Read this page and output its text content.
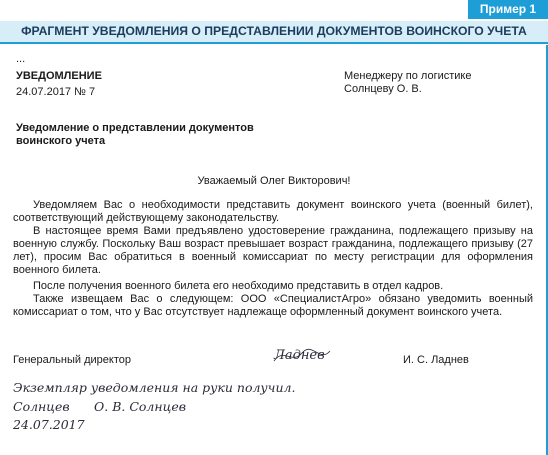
Пример 1
ФРАГМЕНТ УВЕДОМЛЕНИЯ О ПРЕДСТАВЛЕНИИ ДОКУМЕНТОВ ВОИНСКОГО УЧЕТА
...
УВЕДОМЛЕНИЕ
24.07.2017 № 7
Менеджеру по логистике
Солнцеву О. В.
Уведомление о представлении документов
воинского учета
Уважаемый Олег Викторович!
Уведомляем Вас о необходимости представить документ воинского учета (военный билет), соответствующий действующему законодательству.
В настоящее время Вами предъявлено удостоверение гражданина, подлежащего призыву на военную службу. Поскольку Ваш возраст превышает возраст гражданина, подлежащего призыву (27 лет), просим Вас обратиться в военный комиссариат по месту регистрации для оформления военного билета.
После получения военного билета его необходимо представить в отдел кадров.
Также извещаем Вас о следующем: ООО «СпециалистАгро» обязано уведомить военный комиссариат о том, что у Вас отсутствует надлежаще оформленный документ воинского учета.
Генеральный директор	Ладнев	И. С. Ладнев
Экземпляр уведомления на руки получил.
Солнцев О. В. Солнцев
24.07.2017
